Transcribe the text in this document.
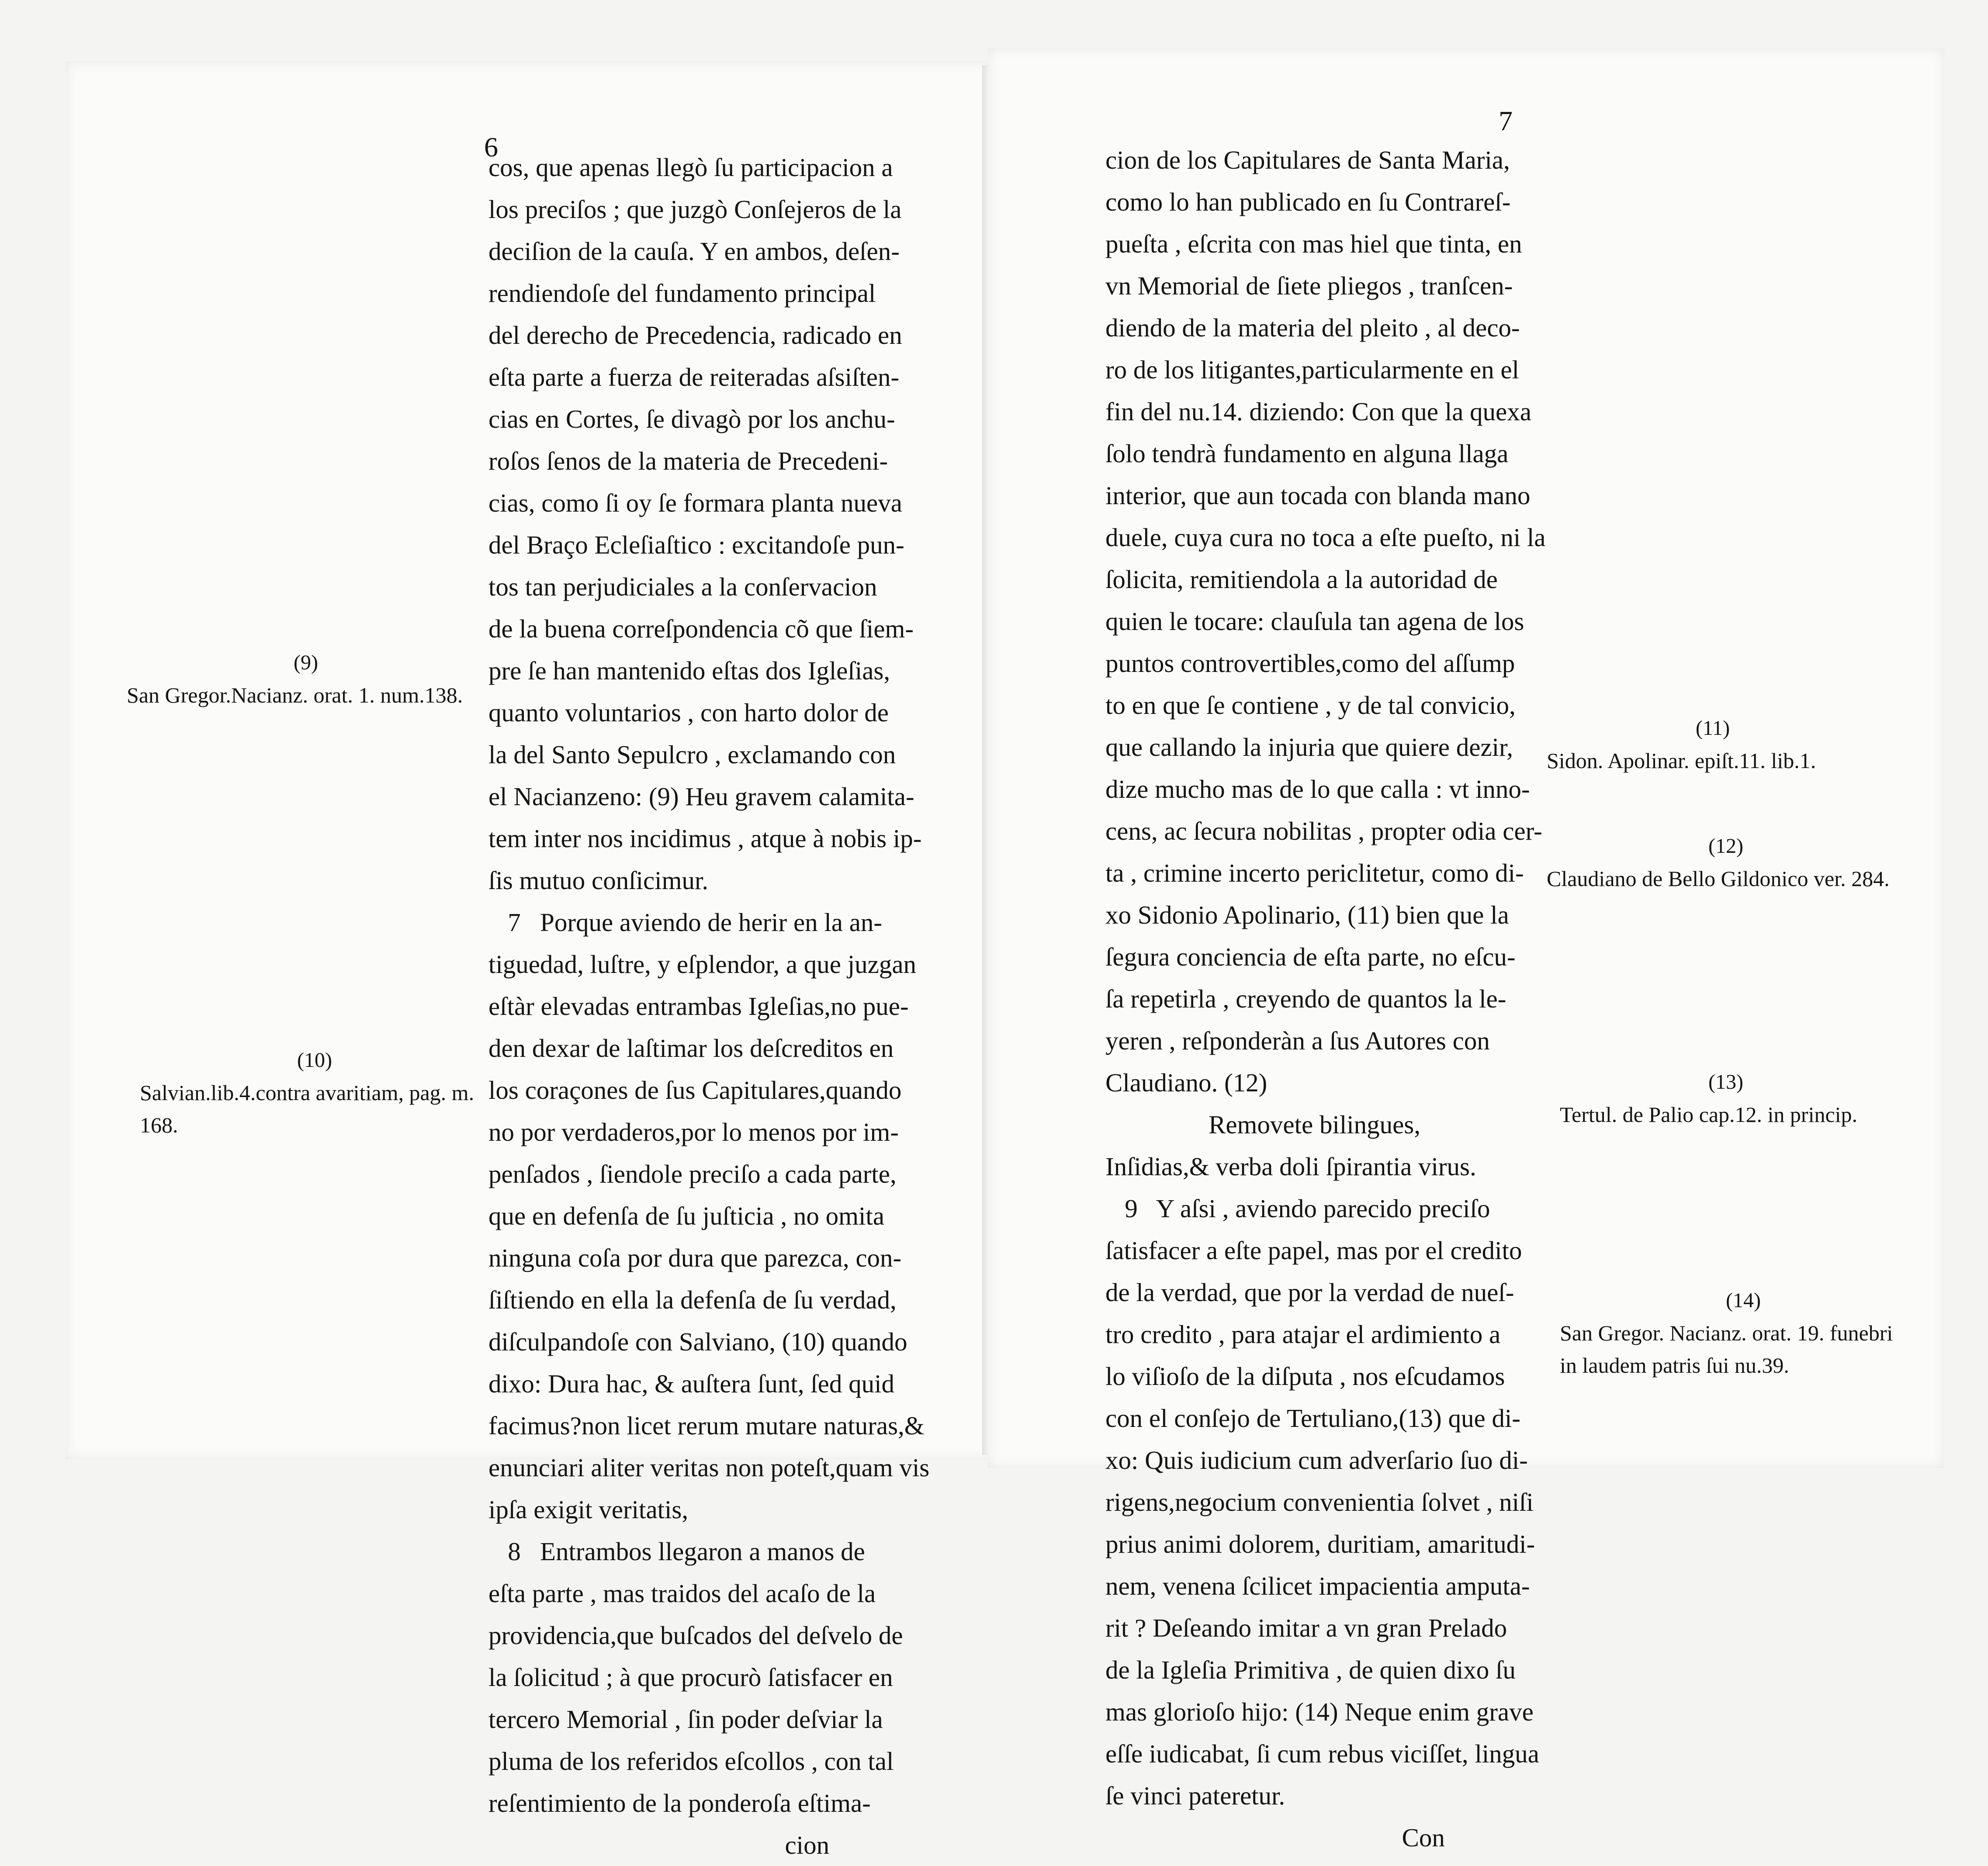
6

cos, que apenas llegò ſu participacion a

los preciſos ; que juzgò Conſejeros de la

deciſion de la cauſa. Y en ambos, deſen-

rendiendoſe del fundamento principal

del derecho de Precedencia, radicado en

eſta parte a fuerza de reiteradas aſsiſten-

cias en Cortes, ſe divagò por los anchu-

roſos ſenos de la materia de Precedeni-

cias, como ſi oy ſe formara planta nueva

del Braço Ecleſiaſtico : excitandoſe pun-

tos tan perjudiciales a la conſervacion

de la buena correſpondencia cõ que ſiem-

pre ſe han mantenido eſtas dos Igleſias,

quanto voluntarios , con harto dolor de

la del Santo Sepulcro , exclamando con

el Nacianzeno: (9) Heu gravem calamita-

tem inter nos incidimus , atque à nobis ip-

ſis mutuo conſicimur.

7   Porque aviendo de herir en la an-

tiguedad, luſtre, y eſplendor, a que juzgan

eſtàr elevadas entrambas Igleſias,no pue-

den dexar de laſtimar los deſcreditos en

los coraçones de ſus Capitulares,quando

no por verdaderos,por lo menos por im-

penſados , ſiendole preciſo a cada parte,

que en defenſa de ſu juſticia , no omita

ninguna coſa por dura que parezca, con-

ſiſtiendo en ella la defenſa de ſu verdad,

diſculpandoſe con Salviano, (10) quando

dixo: Dura hac, & auſtera ſunt, ſed quid

facimus?non licet rerum mutare naturas,&

enunciari aliter veritas non poteſt,quam vis

ipſa exigit veritatis,

8   Entrambos llegaron a manos de

eſta parte , mas traidos del acaſo de la

providencia,que buſcados del deſvelo de

la ſolicitud ; à que procurò ſatisfacer en

tercero Memorial , ſin poder deſviar la

pluma de los referidos eſcollos , con tal

reſentimiento de la ponderoſa eſtima-

cion

(9)
San Gregor.Nacianz. orat. 1. num.138.
(10)
Salvian.lib.4.contra avaritiam, pag. m.
168.
7

cion de los Capitulares de Santa Maria,

como lo han publicado en ſu Contrareſ-

pueſta , eſcrita con mas hiel que tinta, en

vn Memorial de ſiete pliegos , tranſcen-

diendo de la materia del pleito , al deco-

ro de los litigantes,particularmente en el

fin del nu.14. diziendo: Con que la quexa

ſolo tendrà fundamento en alguna llaga

interior, que aun tocada con blanda mano

duele, cuya cura no toca a eſte pueſto, ni la

ſolicita, remitiendola a la autoridad de

quien le tocare: clauſula tan agena de los

puntos controvertibles,como del aſſump

to en que ſe contiene , y de tal convicio,

que callando la injuria que quiere dezir,

dize mucho mas de lo que calla : vt inno-

cens, ac ſecura nobilitas , propter odia cer-

ta , crimine incerto periclitetur, como di-

xo Sidonio Apolinario, (11) bien que la

ſegura conciencia de eſta parte, no eſcu-

ſa repetirla , creyendo de quantos la le-

yeren , reſponderàn a ſus Autores con

Claudiano. (12)

Removete bilingues,

Inſidias,& verba doli ſpirantia virus.

9   Y aſsi , aviendo parecido preciſo

ſatisfacer a eſte papel, mas por el credito

de la verdad, que por la verdad de nueſ-

tro credito , para atajar el ardimiento a

lo viſioſo de la diſputa , nos eſcudamos

con el conſejo de Tertuliano,(13) que di-

xo: Quis iudicium cum adverſario ſuo di-

rigens,negocium convenientia ſolvet , niſi

prius animi dolorem, duritiam, amaritudi-

nem, venena ſcilicet impacientia amputa-

rit ? Deſeando imitar a vn gran Prelado

de la Igleſia Primitiva , de quien dixo ſu

mas glorioſo hijo: (14) Neque enim grave

eſſe iudicabat, ſi cum rebus viciſſet, lingua

ſe vinci pateretur.

Con

(11)
Sidon. Apolinar. epiſt.11. lib.1.
(12)
Claudiano de Bello Gildonico ver. 284.
(13)
Tertul. de Palio cap.12. in princip.
(14)
San Gregor. Nacianz. orat. 19. funebri
in laudem patris ſui nu.39.
